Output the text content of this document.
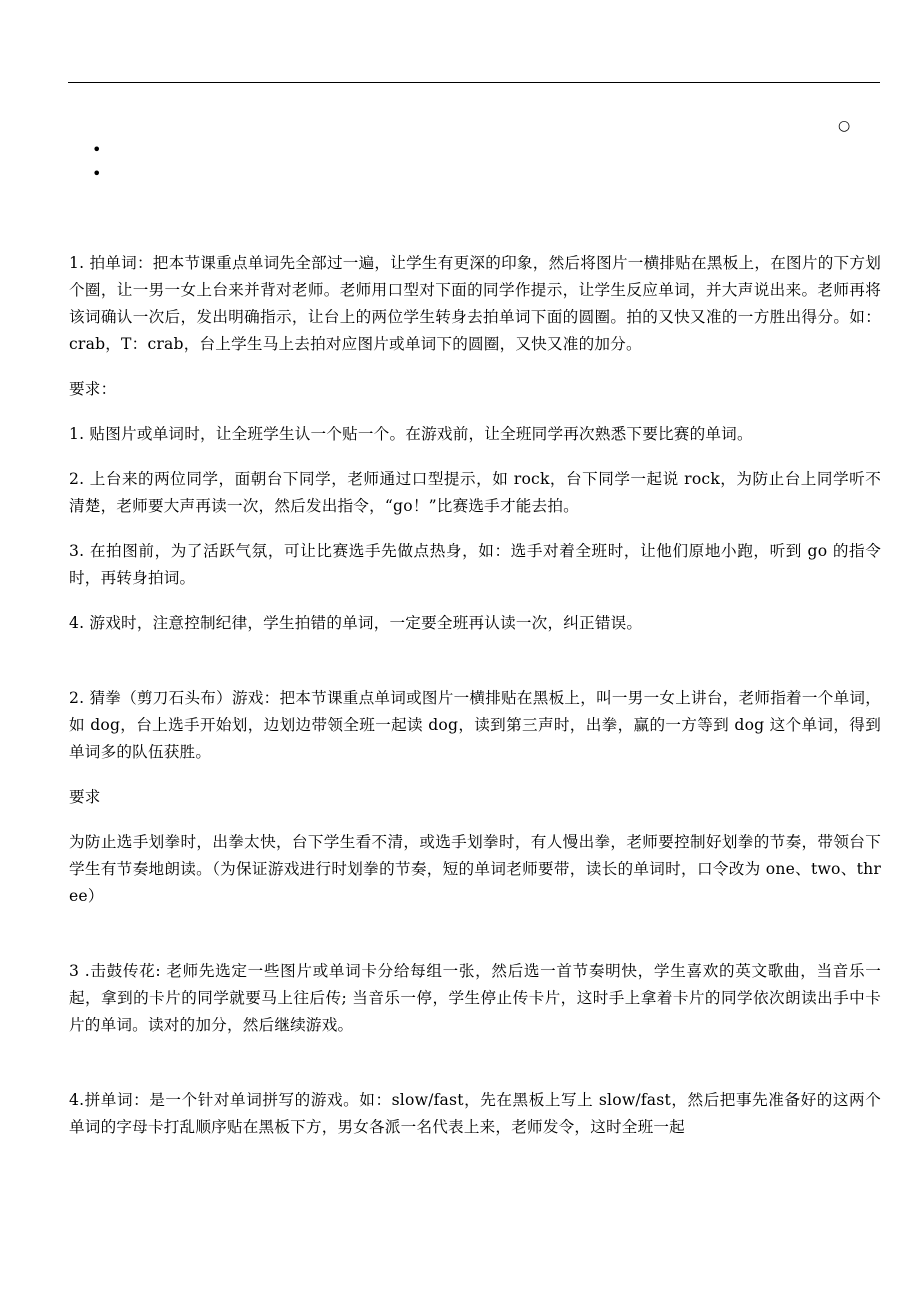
○
•
•

1. 拍单词：把本节课重点单词先全部过一遍，让学生有更深的印象，然后将图片一横排贴在黑板上，在图片的下方划个圈，让一男一女上台来并背对老师。老师用口型对下面的同学作提示，让学生反应单词，并大声说出来。老师再将该词确认一次后，发出明确指示，让台上的两位学生转身去拍单词下面的圆圈。拍的又快又准的一方胜出得分。如：crab，T：crab，台上学生马上去拍对应图片或单词下的圆圈，又快又准的加分。

要求：

1. 贴图片或单词时，让全班学生认一个贴一个。在游戏前，让全班同学再次熟悉下要比赛的单词。

2. 上台来的两位同学，面朝台下同学，老师通过口型提示，如 rock，台下同学一起说 rock，为防止台上同学听不清楚，老师要大声再读一次，然后发出指令，“go！”比赛选手才能去拍。

3. 在拍图前，为了活跃气氛，可让比赛选手先做点热身，如：选手对着全班时，让他们原地小跑，听到 go 的指令时，再转身拍词。

4. 游戏时，注意控制纪律，学生拍错的单词，一定要全班再认读一次，纠正错误。

2. 猜拳（剪刀石头布）游戏：把本节课重点单词或图片一横排贴在黑板上，叫一男一女上讲台，老师指着一个单词，如 dog，台上选手开始划，边划边带领全班一起读 dog，读到第三声时，出拳，赢的一方等到 dog 这个单词，得到单词多的队伍获胜。

要求

为防止选手划拳时，出拳太快，台下学生看不清，或选手划拳时，有人慢出拳，老师要控制好划拳的节奏，带领台下学生有节奏地朗读。（为保证游戏进行时划拳的节奏，短的单词老师要带，读长的单词时，口令改为 one、two、three）

3 .击鼓传花: 老师先选定一些图片或单词卡分给每组一张，然后选一首节奏明快，学生喜欢的英文歌曲，当音乐一起，拿到的卡片的同学就要马上往后传; 当音乐一停，学生停止传卡片，这时手上拿着卡片的同学依次朗读出手中卡片的单词。读对的加分，然后继续游戏。

4.拼单词：是一个针对单词拼写的游戏。如：slow/fast，先在黑板上写上 slow/fast，然后把事先准备好的这两个单词的字母卡打乱顺序贴在黑板下方，男女各派一名代表上来，老师发令，这时全班一起
